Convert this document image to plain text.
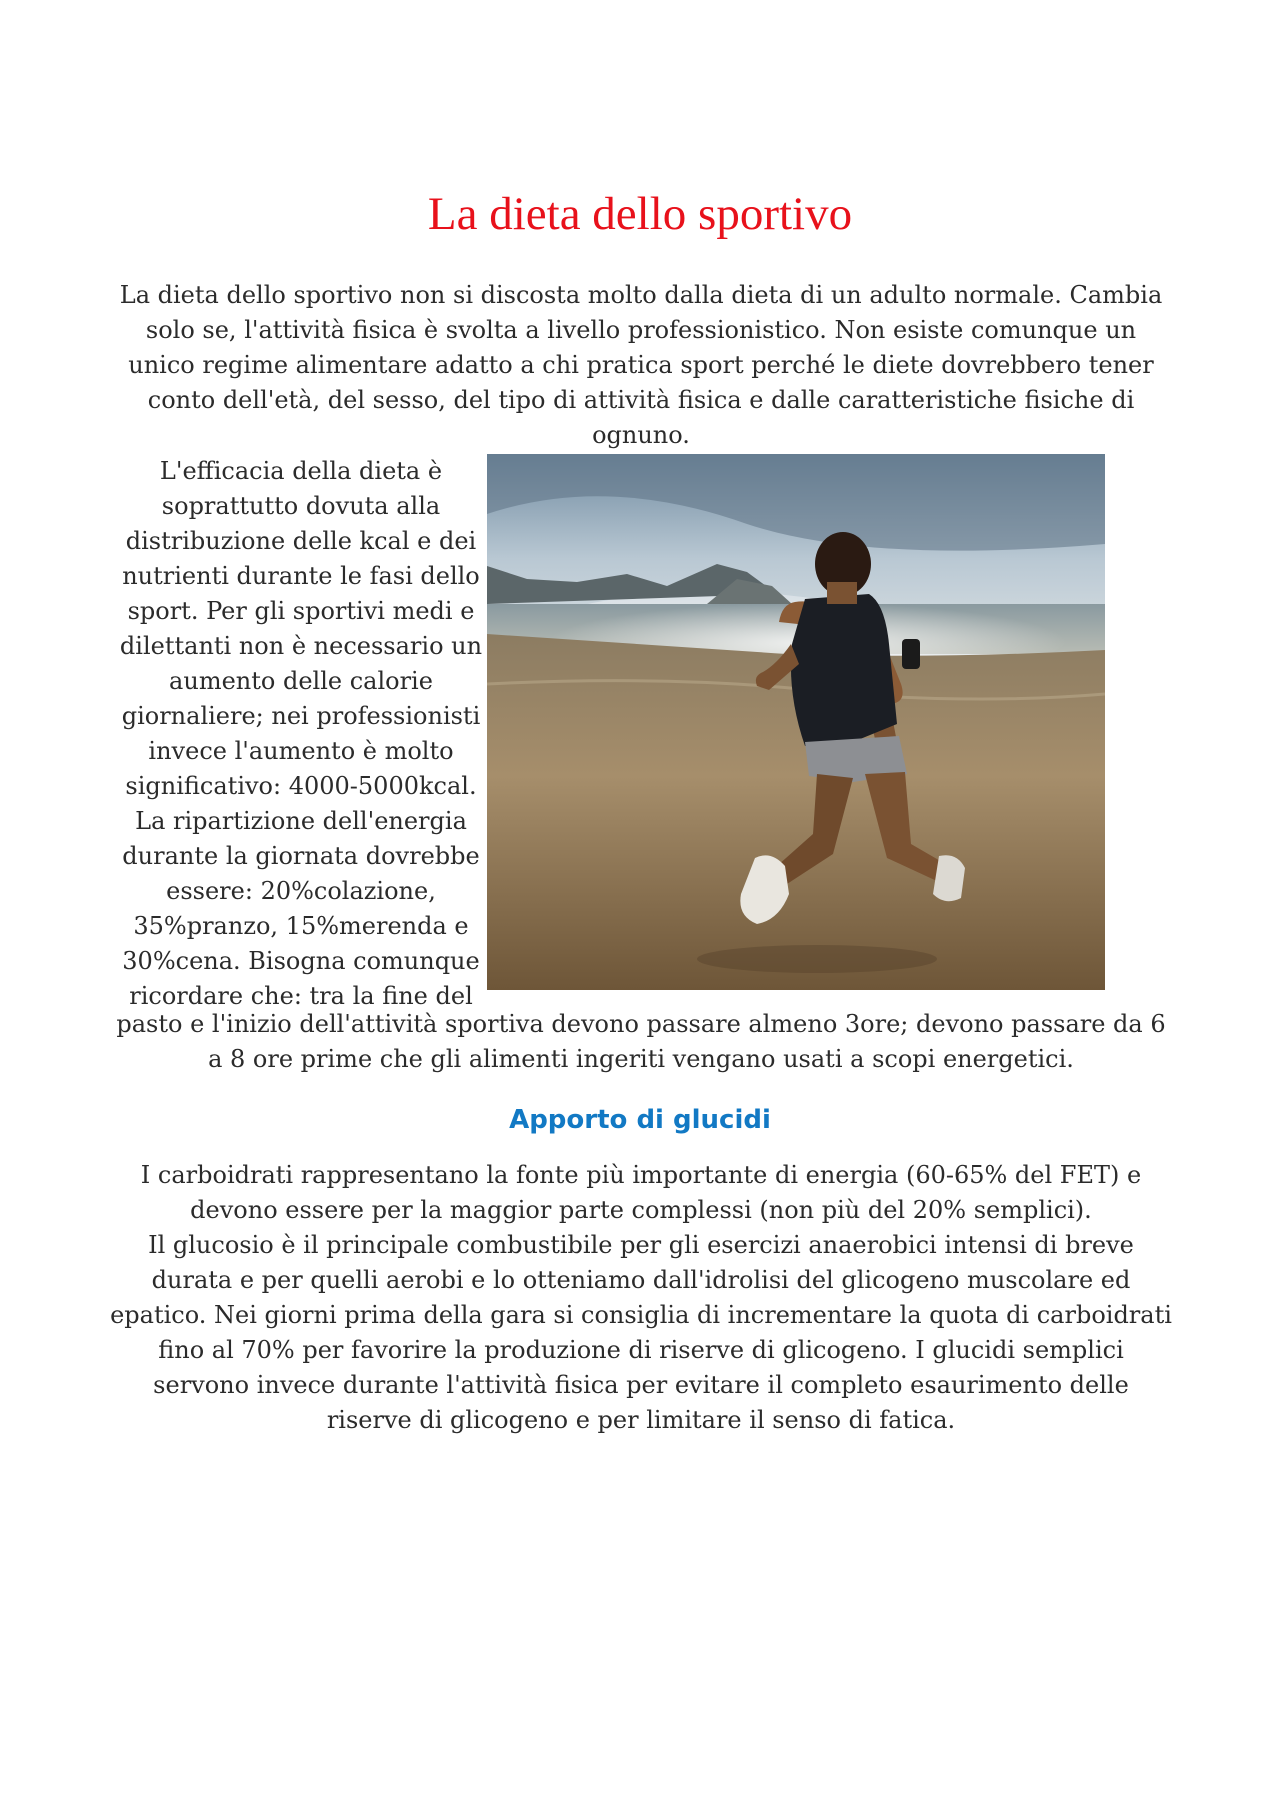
La dieta dello sportivo

La dieta dello sportivo non si discosta molto dalla dieta di un adulto normale. Cambia solo se, l'attività fisica è svolta a livello professionistico. Non esiste comunque un unico regime alimentare adatto a chi pratica sport perché le diete dovrebbero tener conto dell'età, del sesso, del tipo di attività fisica e dalle caratteristiche fisiche di ognuno.

L'efficacia della dieta è soprattutto dovuta alla distribuzione delle kcal e dei nutrienti durante le fasi dello sport. Per gli sportivi medi e dilettanti non è necessario un aumento delle calorie giornaliere; nei professionisti invece l'aumento è molto significativo: 4000-5000kcal. La ripartizione dell'energia durante la giornata dovrebbe essere: 20%colazione, 35%pranzo, 15%merenda e 30%cena. Bisogna comunque ricordare che: tra la fine del

pasto e l'inizio dell'attività sportiva devono passare almeno 3ore; devono passare da 6 a 8 ore prime che gli alimenti ingeriti vengano usati a scopi energetici.

Apporto di glucidi
I carboidrati rappresentano la fonte più importante di energia (60-65% del FET) e devono essere per la maggior parte complessi (non più del 20% semplici).
Il glucosio è il principale combustibile per gli esercizi anaerobici intensi di breve durata e per quelli aerobi e lo otteniamo dall'idrolisi del glicogeno muscolare ed epatico. Nei giorni prima della gara si consiglia di incrementare la quota di carboidrati fino al 70% per favorire la produzione di riserve di glicogeno. I glucidi semplici servono invece durante l'attività fisica per evitare il completo esaurimento delle riserve di glicogeno e per limitare il senso di fatica.
